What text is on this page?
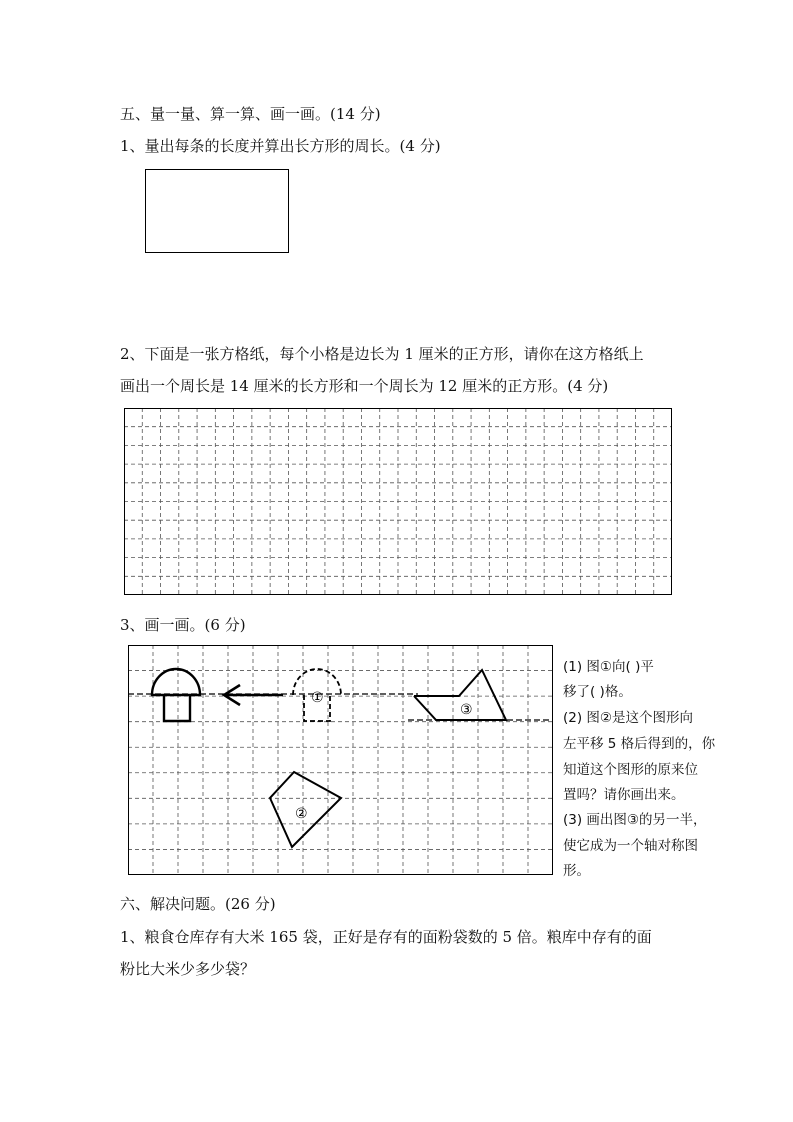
五、量一量、算一算、画一画。(14 分)
1、量出每条的长度并算出长方形的周长。(4 分)
2、下面是一张方格纸，每个小格是边长为 1 厘米的正方形，请你在这方格纸上
画出一个周长是 14 厘米的长方形和一个周长为 12 厘米的正方形。(4 分)
3、画一画。(6 分)
①
②
③
(1) 图①向( )平
移了( )格。
(2) 图②是这个图形向
左平移 5 格后得到的，你
知道这个图形的原来位
置吗？请你画出来。
(3) 画出图③的另一半，
使它成为一个轴对称图
形。
六、解决问题。(26 分)
1、粮食仓库存有大米 165 袋，正好是存有的面粉袋数的 5 倍。粮库中存有的面
粉比大米少多少袋？
